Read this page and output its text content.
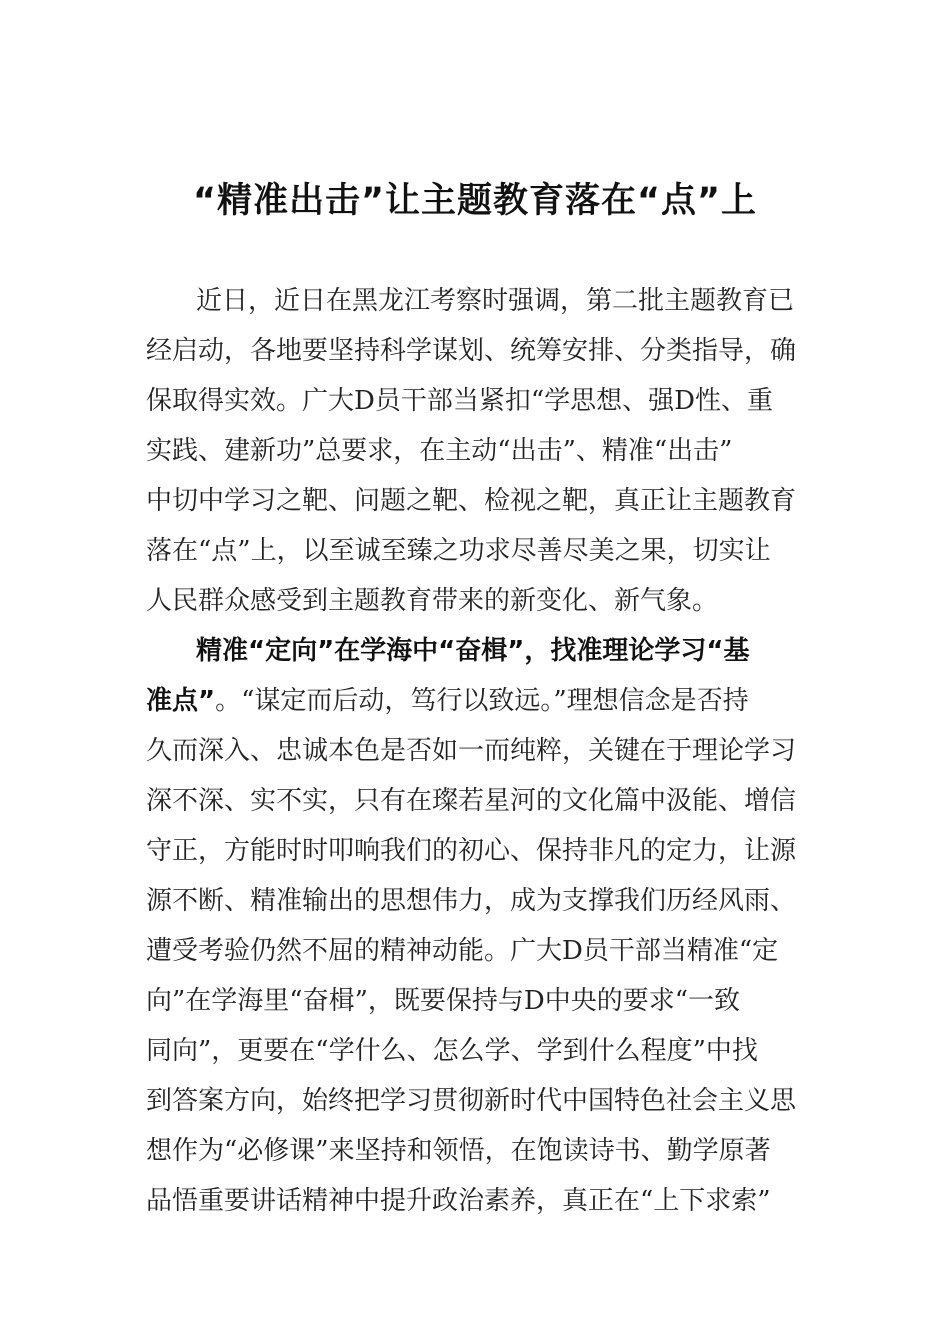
“精准出击”让主题教育落在“点”上
近日，近日在黑龙江考察时强调，第二批主题教育已
经启动，各地要坚持科学谋划、统筹安排、分类指导，确
保取得实效。广大D员干部当紧扣“学思想、强D性、重
实践、建新功”总要求，在主动“出击”、精准“出击”
中切中学习之靶、问题之靶、检视之靶，真正让主题教育
落在“点”上，以至诚至臻之功求尽善尽美之果，切实让
人民群众感受到主题教育带来的新变化、新气象。
精准“定向”在学海中“奋楫”，找准理论学习“基
准点”。“谋定而后动，笃行以致远。”理想信念是否持
久而深入、忠诚本色是否如一而纯粹，关键在于理论学习
深不深、实不实，只有在璨若星河的文化篇中汲能、增信
守正，方能时时叩响我们的初心、保持非凡的定力，让源
源不断、精准输出的思想伟力，成为支撑我们历经风雨、
遭受考验仍然不屈的精神动能。广大D员干部当精准“定
向”在学海里“奋楫”，既要保持与D中央的要求“一致
同向”，更要在“学什么、怎么学、学到什么程度”中找
到答案方向，始终把学习贯彻新时代中国特色社会主义思
想作为“必修课”来坚持和领悟，在饱读诗书、勤学原著
品悟重要讲话精神中提升政治素养，真正在“上下求索”
